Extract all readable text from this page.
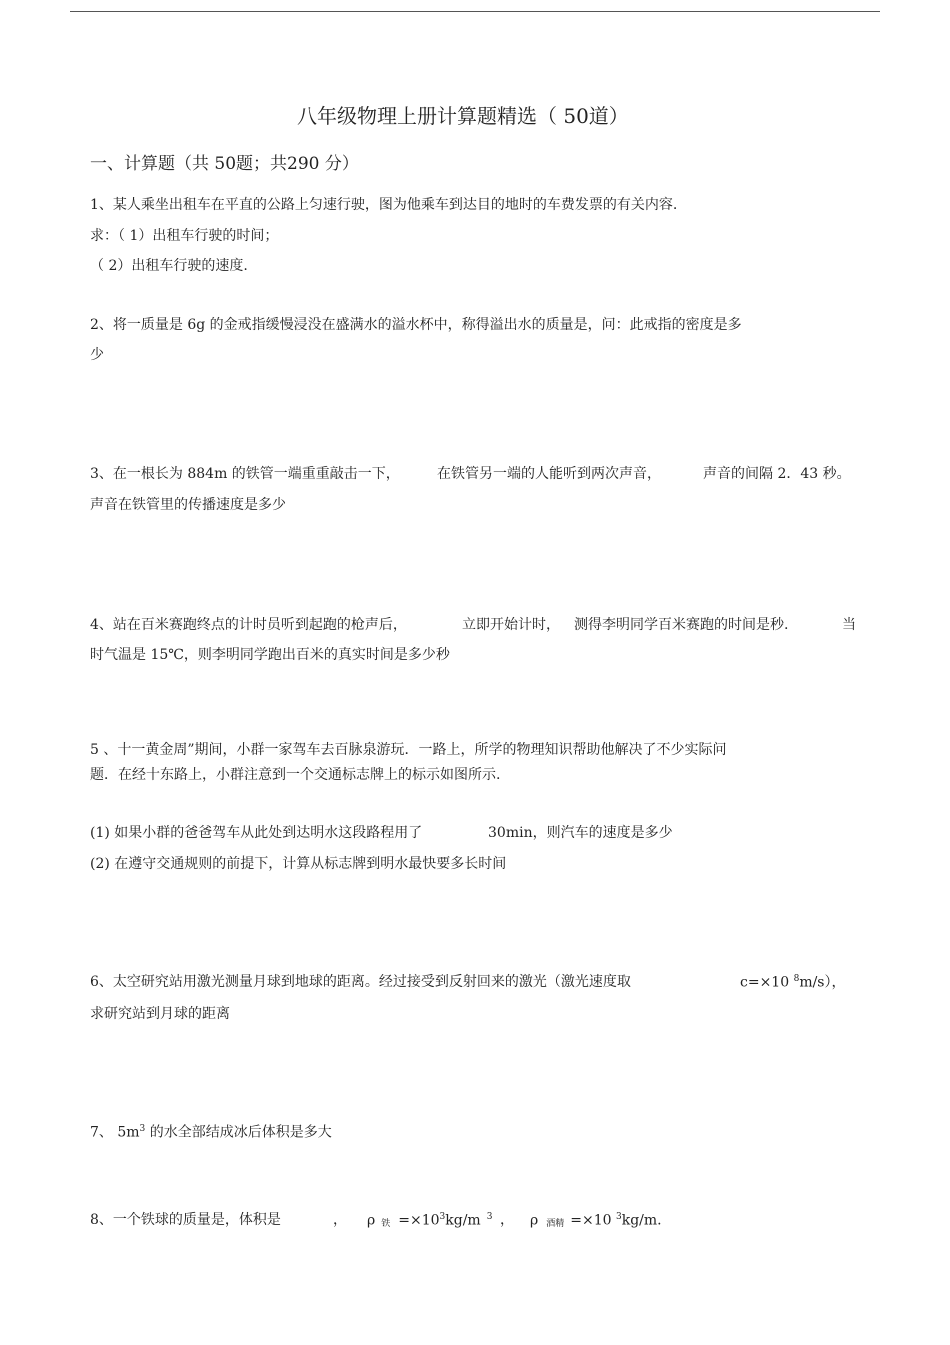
八年级物理上册计算题精选（ 50道）
一、计算题（共 50题；共290 分）
1、某人乘坐出租车在平直的公路上匀速行驶，图为他乘车到达目的地时的车费发票的有关内容.
求：（ 1）出租车行驶的时间；
（ 2）出租车行驶的速度.
2、将一质量是 6g 的金戒指缓慢浸没在盛满水的溢水杯中，称得溢出水的质量是，问：此戒指的密度是多
少
3、在一根长为 884m 的铁管一端重重敲击一下，	在铁管另一端的人能听到两次声音，	声音的间隔 2．43 秒。
声音在铁管里的传播速度是多少
4、站在百米赛跑终点的计时员听到起跑的枪声后，	立即开始计时， 测得李明同学百米赛跑的时间是秒.	当
时气温是 15℃，则李明同学跑出百米的真实时间是多少秒
5 、十一黄金周”期间，小群一家驾车去百脉泉游玩．一路上，所学的物理知识帮助他解决了不少实际问
题．在经十东路上，小群注意到一个交通标志牌上的标示如图所示.
(1) 如果小群的爸爸驾车从此处到达明水这段路程用了	30min，则汽车的速度是多少
(2) 在遵守交通规则的前提下，计算从标志牌到明水最快要多长时间
6、太空研究站用激光测量月球到地球的距离。经过接受到反射回来的激光（激光速度取	c=×10 $^8$m/s），
求研究站到月球的距离
7、 $5m^3$ 的水全部结成冰后体积是多大
8、一个铁球的质量是，体积是	， ρ铁 $=\times 10^3kg/m$ $^3$ ， ρ酒精 =×10 $^3$kg/m.
